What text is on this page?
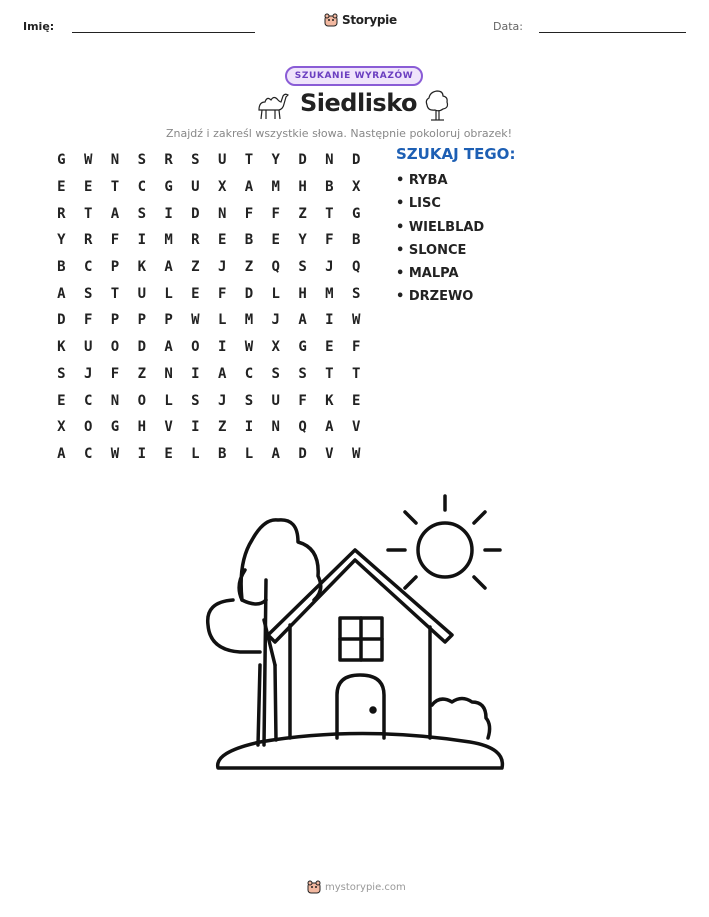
Imię:	Storypie	Data:
SZUKANIE WYRAZÓW
Siedlisko
Znajdź i zakreśl wszystkie słowa. Następnie pokoloruj obrazek!
G	W	N	S	R	S	U	T	Y	D	N	D
E	E	T	C	G	U	X	A	M	H	B	X
R	T	A	S	I	D	N	F	F	Z	T	G
Y	R	F	I	M	R	E	B	E	Y	F	B
B	C	P	K	A	Z	J	Z	Q	S	J	Q
A	S	T	U	L	E	F	D	L	H	M	S
D	F	P	P	P	W	L	M	J	A	I	W
K	U	O	D	A	O	I	W	X	G	E	F
S	J	F	Z	N	I	A	C	S	S	T	T
E	C	N	O	L	S	J	S	U	F	K	E
X	O	G	H	V	I	Z	I	N	Q	A	V
A	C	W	I	E	L	B	L	A	D	V	W
SZUKAJ TEGO:
• RYBA
• LISC
• WIELBLAD
• SLONCE
• MALPA
• DRZEWO
mystorypie.com
